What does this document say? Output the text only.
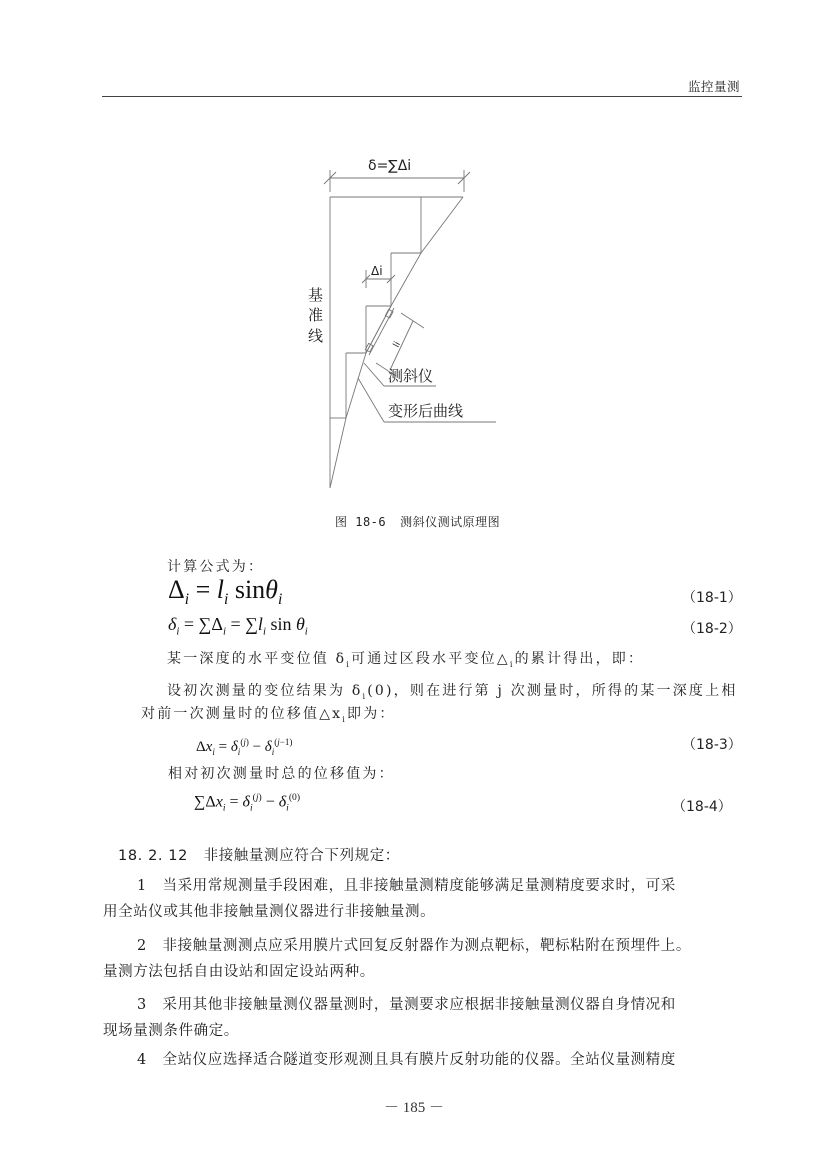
监控量测
δ=∑Δi
Δi
li
基
准
线
测斜仪
变形后曲线
图 18-6 测斜仪测试原理图
计算公式为：
$\Delta_i = l_i$ sinθ$_i$	（18-1）
$\delta_i = \sum\Delta_i = \sum l_i$ $\sin \theta_i$	（18-2）
某一深度的水平变位值 $\delta_i$可通过区段水平变位$\triangle_i$的累计得出，即：
设初次测量的变位结果为 $\delta_i(0)$，则在进行第 j 次测量时，所得的某一深度上相
对前一次测量时的位移值$\triangle x_i$即为：
$\Delta x_i = \delta_i^{(j)} - \delta_i^{(j-1)}$	（18-3）
相对初次测量时总的位移值为：
$\sum\Delta x_i = \delta_i^{(j)} - \delta_i^{(0)}$
（18-4）
18. 2. 12 非接触量测应符合下列规定：
1 当采用常规测量手段困难，且非接触量测精度能够满足量测精度要求时，可采
用全站仪或其他非接触量测仪器进行非接触量测。
2 非接触量测测点应采用膜片式回复反射器作为测点靶标，靶标粘附在预埋件上。
量测方法包括自由设站和固定设站两种。
3 采用其他非接触量测仪器量测时，量测要求应根据非接触量测仪器自身情况和
现场量测条件确定。
4 全站仪应选择适合隧道变形观测且具有膜片反射功能的仪器。全站仪量测精度
－ 185 －
